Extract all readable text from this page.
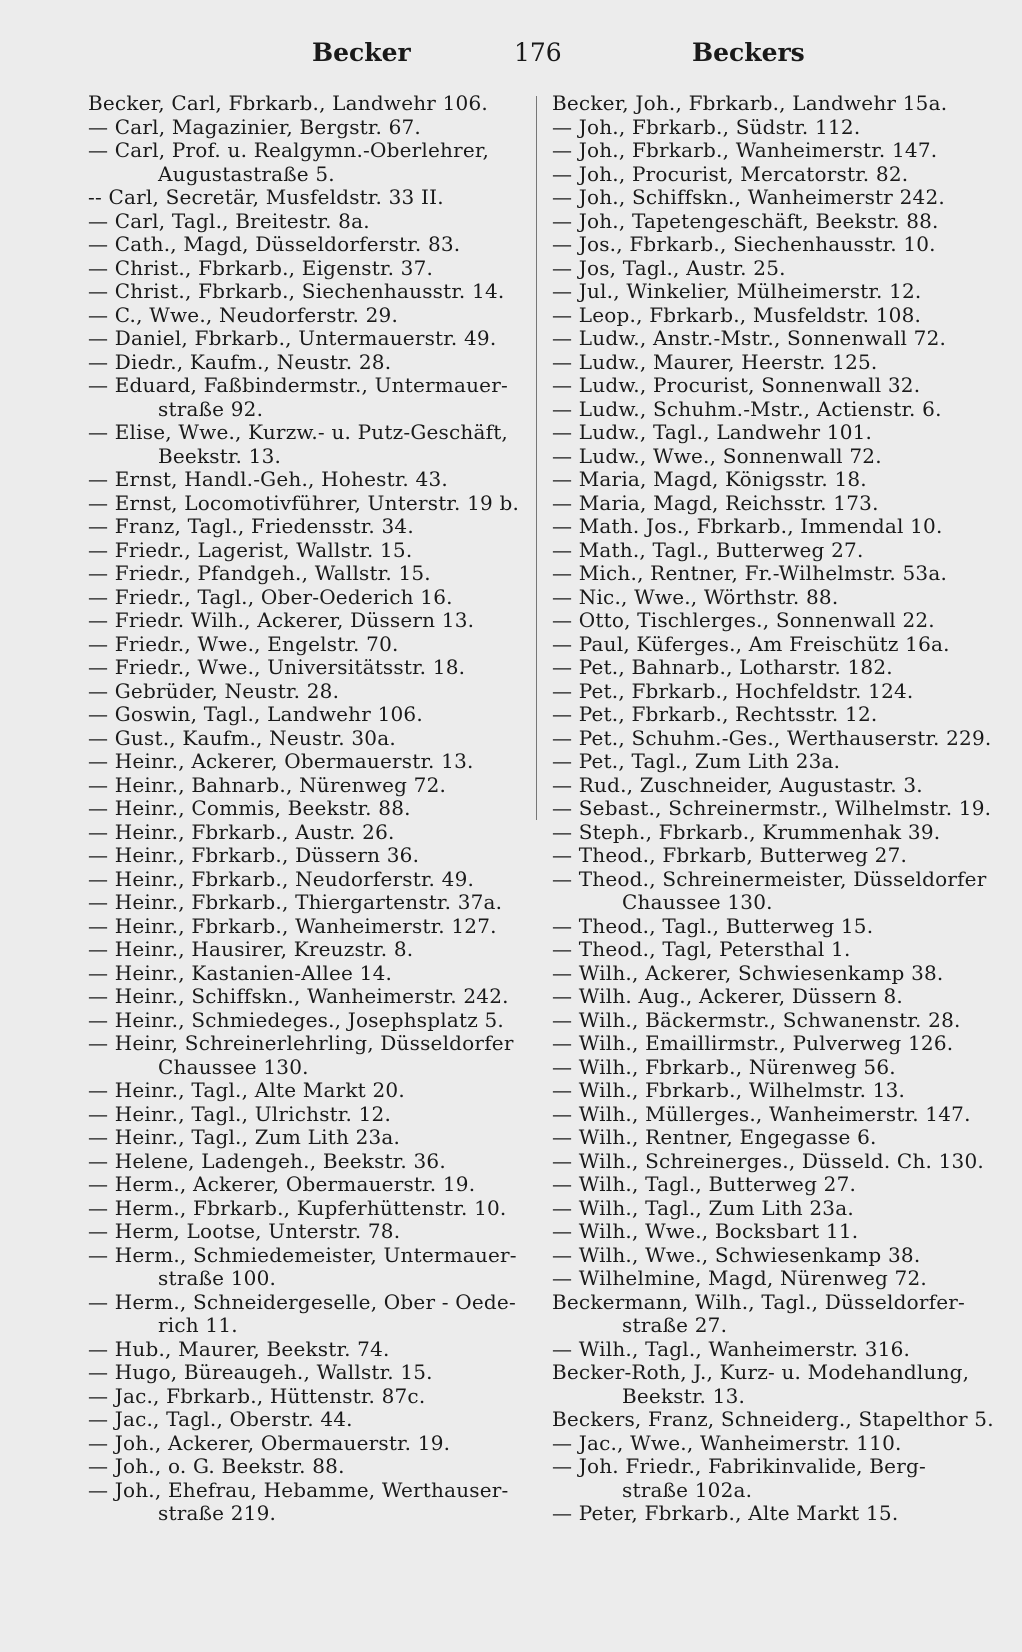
Becker	176	Beckers
Becker, Carl, Fbrkarb., Landwehr 106.
— Carl, Magazinier, Bergstr. 67.
— Carl, Prof. u. Realgymn.-Oberlehrer,
Augustastraße 5.
-- Carl, Secretär, Musfeldstr. 33 II.
— Carl, Tagl., Breitestr. 8a.
— Cath., Magd, Düsseldorferstr. 83.
— Christ., Fbrkarb., Eigenstr. 37.
— Christ., Fbrkarb., Siechenhausstr. 14.
— C., Wwe., Neudorferstr. 29.
— Daniel, Fbrkarb., Untermauerstr. 49.
— Diedr., Kaufm., Neustr. 28.
— Eduard, Faßbindermstr., Untermauer-
straße 92.
— Elise, Wwe., Kurzw.- u. Putz-Geschäft,
Beekstr. 13.
— Ernst, Handl.-Geh., Hohestr. 43.
— Ernst, Locomotivführer, Unterstr. 19 b.
— Franz, Tagl., Friedensstr. 34.
— Friedr., Lagerist, Wallstr. 15.
— Friedr., Pfandgeh., Wallstr. 15.
— Friedr., Tagl., Ober-Oederich 16.
— Friedr. Wilh., Ackerer, Düssern 13.
— Friedr., Wwe., Engelstr. 70.
— Friedr., Wwe., Universitätsstr. 18.
— Gebrüder, Neustr. 28.
— Goswin, Tagl., Landwehr 106.
— Gust., Kaufm., Neustr. 30a.
— Heinr., Ackerer, Obermauerstr. 13.
— Heinr., Bahnarb., Nürenweg 72.
— Heinr., Commis, Beekstr. 88.
— Heinr., Fbrkarb., Austr. 26.
— Heinr., Fbrkarb., Düssern 36.
— Heinr., Fbrkarb., Neudorferstr. 49.
— Heinr., Fbrkarb., Thiergartenstr. 37a.
— Heinr., Fbrkarb., Wanheimerstr. 127.
— Heinr., Hausirer, Kreuzstr. 8.
— Heinr., Kastanien-Allee 14.
— Heinr., Schiffskn., Wanheimerstr. 242.
— Heinr., Schmiedeges., Josephsplatz 5.
— Heinr, Schreinerlehrling, Düsseldorfer
Chaussee 130.
— Heinr., Tagl., Alte Markt 20.
— Heinr., Tagl., Ulrichstr. 12.
— Heinr., Tagl., Zum Lith 23a.
— Helene, Ladengeh., Beekstr. 36.
— Herm., Ackerer, Obermauerstr. 19.
— Herm., Fbrkarb., Kupferhüttenstr. 10.
— Herm, Lootse, Unterstr. 78.
— Herm., Schmiedemeister, Untermauer-
straße 100.
— Herm., Schneidergeselle, Ober - Oede-
rich 11.
— Hub., Maurer, Beekstr. 74.
— Hugo, Büreaugeh., Wallstr. 15.
— Jac., Fbrkarb., Hüttenstr. 87c.
— Jac., Tagl., Oberstr. 44.
— Joh., Ackerer, Obermauerstr. 19.
— Joh., o. G. Beekstr. 88.
— Joh., Ehefrau, Hebamme, Werthauser-
straße 219.
Becker, Joh., Fbrkarb., Landwehr 15a.
— Joh., Fbrkarb., Südstr. 112.
— Joh., Fbrkarb., Wanheimerstr. 147.
— Joh., Procurist, Mercatorstr. 82.
— Joh., Schiffskn., Wanheimerstr 242.
— Joh., Tapetengeschäft, Beekstr. 88.
— Jos., Fbrkarb., Siechenhausstr. 10.
— Jos, Tagl., Austr. 25.
— Jul., Winkelier, Mülheimerstr. 12.
— Leop., Fbrkarb., Musfeldstr. 108.
— Ludw., Anstr.-Mstr., Sonnenwall 72.
— Ludw., Maurer, Heerstr. 125.
— Ludw., Procurist, Sonnenwall 32.
— Ludw., Schuhm.-Mstr., Actienstr. 6.
— Ludw., Tagl., Landwehr 101.
— Ludw., Wwe., Sonnenwall 72.
— Maria, Magd, Königsstr. 18.
— Maria, Magd, Reichsstr. 173.
— Math. Jos., Fbrkarb., Immendal 10.
— Math., Tagl., Butterweg 27.
— Mich., Rentner, Fr.-Wilhelmstr. 53a.
— Nic., Wwe., Wörthstr. 88.
— Otto, Tischlerges., Sonnenwall 22.
— Paul, Küferges., Am Freischütz 16a.
— Pet., Bahnarb., Lotharstr. 182.
— Pet., Fbrkarb., Hochfeldstr. 124.
— Pet., Fbrkarb., Rechtsstr. 12.
— Pet., Schuhm.-Ges., Werthauserstr. 229.
— Pet., Tagl., Zum Lith 23a.
— Rud., Zuschneider, Augustastr. 3.
— Sebast., Schreinermstr., Wilhelmstr. 19.
— Steph., Fbrkarb., Krummenhak 39.
— Theod., Fbrkarb, Butterweg 27.
— Theod., Schreinermeister, Düsseldorfer
Chaussee 130.
— Theod., Tagl., Butterweg 15.
— Theod., Tagl, Petersthal 1.
— Wilh., Ackerer, Schwiesenkamp 38.
— Wilh. Aug., Ackerer, Düssern 8.
— Wilh., Bäckermstr., Schwanenstr. 28.
— Wilh., Emaillirmstr., Pulverweg 126.
— Wilh., Fbrkarb., Nürenweg 56.
— Wilh., Fbrkarb., Wilhelmstr. 13.
— Wilh., Müllerges., Wanheimerstr. 147.
— Wilh., Rentner, Engegasse 6.
— Wilh., Schreinerges., Düsseld. Ch. 130.
— Wilh., Tagl., Butterweg 27.
— Wilh., Tagl., Zum Lith 23a.
— Wilh., Wwe., Bocksbart 11.
— Wilh., Wwe., Schwiesenkamp 38.
— Wilhelmine, Magd, Nürenweg 72.
Beckermann, Wilh., Tagl., Düsseldorfer-
straße 27.
— Wilh., Tagl., Wanheimerstr. 316.
Becker-Roth, J., Kurz- u. Modehandlung,
Beekstr. 13.
Beckers, Franz, Schneiderg., Stapelthor 5.
— Jac., Wwe., Wanheimerstr. 110.
— Joh. Friedr., Fabrikinvalide, Berg-
straße 102a.
— Peter, Fbrkarb., Alte Markt 15.
